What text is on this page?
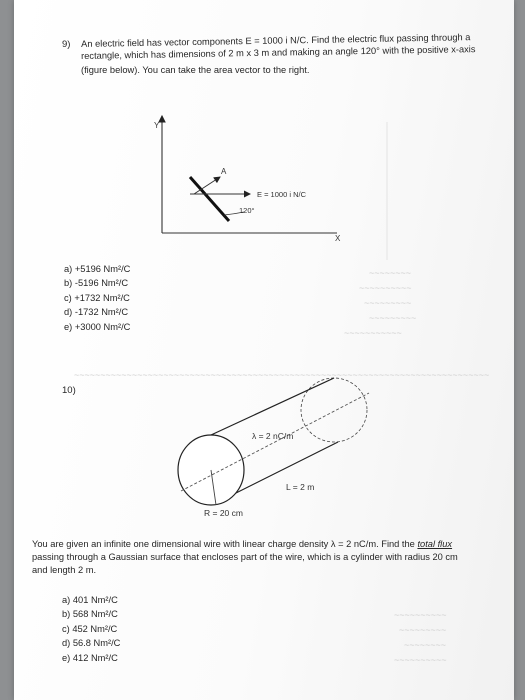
~~~~~~~~
~~~~~~~~~~
~~~~~~~~~
~~~~~~~~~
~~~~~~~~~~~
~~~~~~~~~~~~~~~~~~~~~~~~~~~~~~~~~~~~~~~~~~~~~~~~~~~~~~~~~~~~~~~~~~~~~~~~~~~~~~~
~~~~~~~~~~
~~~~~~~~~
~~~~~~~~
~~~~~~~~~~
9) An electric field has vector components E = 1000 i N/C. Find the electric flux passing through a
rectangle, which has dimensions of 2 m x 3 m and making an angle 120° with the positive x-axis
(figure below). You can take the area vector to the right.
Y
X
A
E = 1000 i N/C
120°
a) +5196 Nm²/C
b) -5196 Nm²/C
c) +1732 Nm²/C
d) -1732 Nm²/C
e) +3000 Nm²/C
10)
λ = 2 nC/m
L = 2 m
R = 20 cm
You are given an infinite one dimensional wire with linear charge density λ = 2 nC/m. Find the total flux
passing through a Gaussian surface that encloses part of the wire, which is a cylinder with radius 20 cm
and length 2 m.
a) 401 Nm²/C
b) 568 Nm²/C
c) 452 Nm²/C
d) 56.8 Nm²/C
e) 412 Nm²/C
